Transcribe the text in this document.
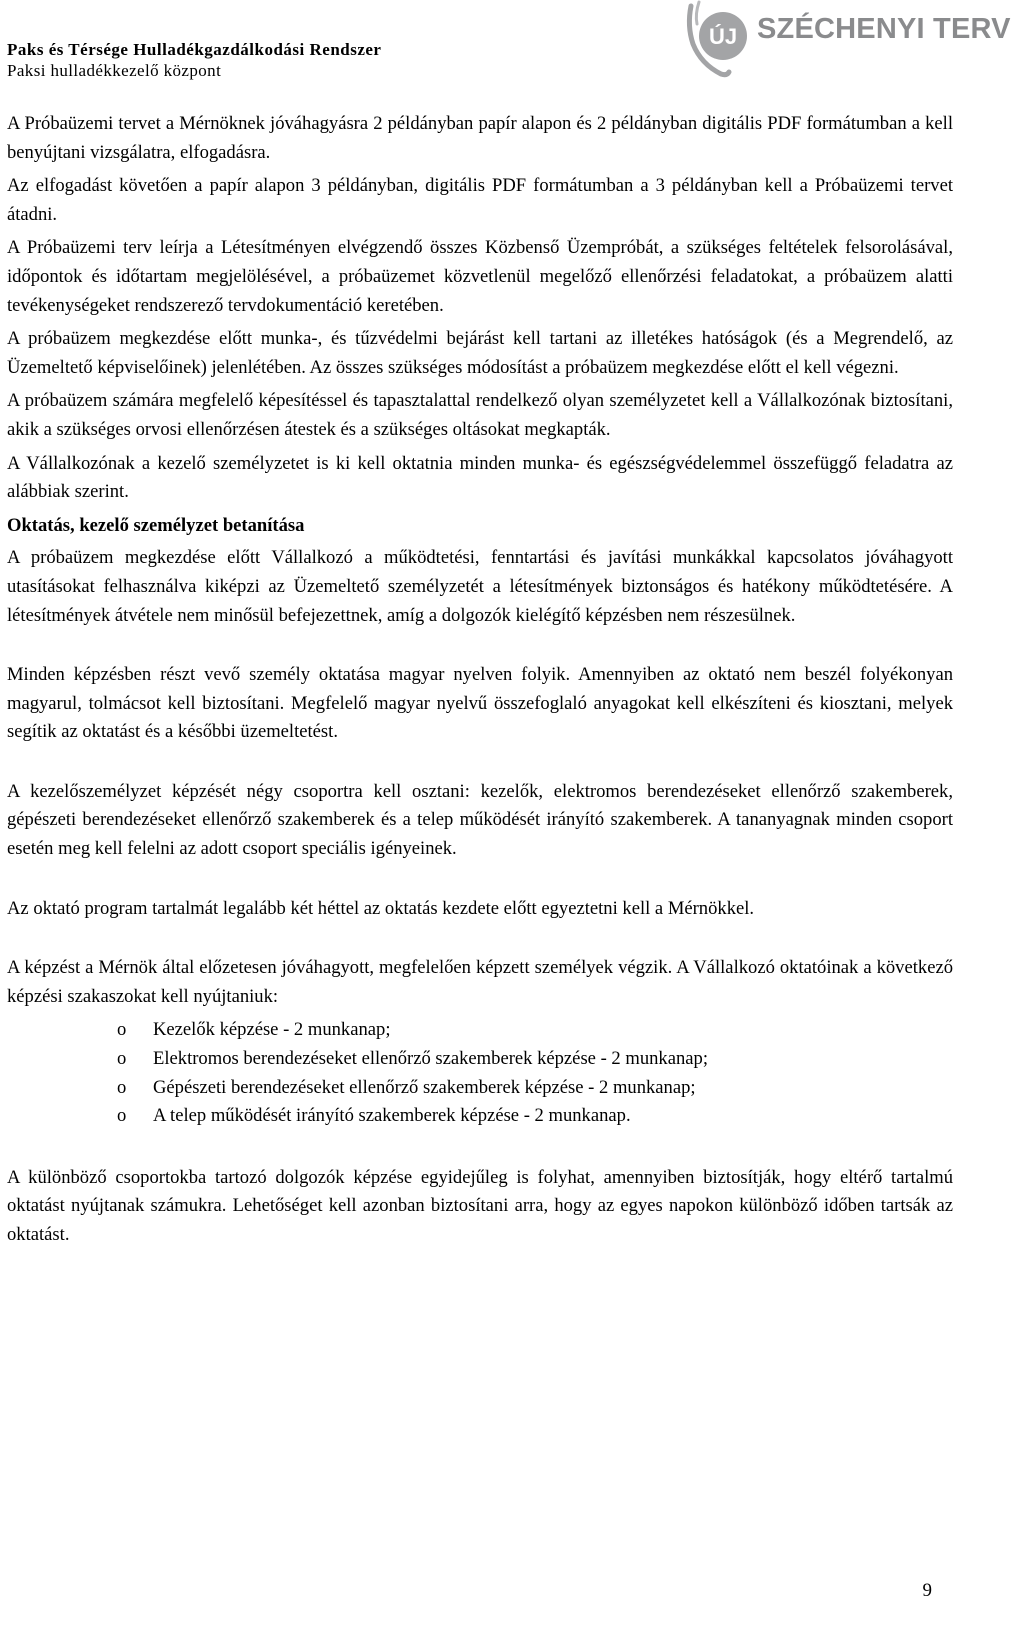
Paks és Térsége Hulladékgazdálkodási Rendszer
Paksi hulladékkezelő központ
ÚJ SZÉCHENYI TERV

A Próbaüzemi tervet a Mérnöknek jóváhagyásra 2 példányban papír alapon és 2 példányban digitális PDF formátumban a kell benyújtani vizsgálatra, elfogadásra.

Az elfogadást követően a papír alapon 3 példányban, digitális PDF formátumban a 3 példányban kell a Próbaüzemi tervet átadni.

A Próbaüzemi terv leírja a Létesítményen elvégzendő összes Közbenső Üzempróbát, a szükséges feltételek felsorolásával, időpontok és időtartam megjelölésével, a próbaüzemet közvetlenül megelőző ellenőrzési feladatokat, a próbaüzem alatti tevékenységeket rendszerező tervdokumentáció keretében.

A próbaüzem megkezdése előtt munka-, és tűzvédelmi bejárást kell tartani az illetékes hatóságok (és a Megrendelő, az Üzemeltető képviselőinek) jelenlétében. Az összes szükséges módosítást a próbaüzem megkezdése előtt el kell végezni.

A próbaüzem számára megfelelő képesítéssel és tapasztalattal rendelkező olyan személyzetet kell a Vállalkozónak biztosítani, akik a szükséges orvosi ellenőrzésen átestek és a szükséges oltásokat megkapták.

A Vállalkozónak a kezelő személyzetet is ki kell oktatnia minden munka- és egészségvédelemmel összefüggő feladatra az alábbiak szerint.

Oktatás, kezelő személyzet betanítása

A próbaüzem megkezdése előtt Vállalkozó a működtetési, fenntartási és javítási munkákkal kapcsolatos jóváhagyott utasításokat felhasználva kiképzi az Üzemeltető személyzetét a létesítmények biztonságos és hatékony működtetésére. A létesítmények átvétele nem minősül befejezettnek, amíg a dolgozók kielégítő képzésben nem részesülnek.

Minden képzésben részt vevő személy oktatása magyar nyelven folyik. Amennyiben az oktató nem beszél folyékonyan magyarul, tolmácsot kell biztosítani. Megfelelő magyar nyelvű összefoglaló anyagokat kell elkészíteni és kiosztani, melyek segítik az oktatást és a későbbi üzemeltetést.

A kezelőszemélyzet képzését négy csoportra kell osztani: kezelők, elektromos berendezéseket ellenőrző szakemberek, gépészeti berendezéseket ellenőrző szakemberek és a telep működését irányító szakemberek. A tananyagnak minden csoport esetén meg kell felelni az adott csoport speciális igényeinek.

Az oktató program tartalmát legalább két héttel az oktatás kezdete előtt egyeztetni kell a Mérnökkel.

A képzést a Mérnök által előzetesen jóváhagyott, megfelelően képzett személyek végzik. A Vállalkozó oktatóinak a következő képzési szakaszokat kell nyújtaniuk:

o Kezelők képzése - 2 munkanap;
o Elektromos berendezéseket ellenőrző szakemberek képzése - 2 munkanap;
o Gépészeti berendezéseket ellenőrző szakemberek képzése - 2 munkanap;
o A telep működését irányító szakemberek képzése - 2 munkanap.

A különböző csoportokba tartozó dolgozók képzése egyidejűleg is folyhat, amennyiben biztosítják, hogy eltérő tartalmú oktatást nyújtanak számukra. Lehetőséget kell azonban biztosítani arra, hogy az egyes napokon különböző időben tartsák az oktatást.

9
